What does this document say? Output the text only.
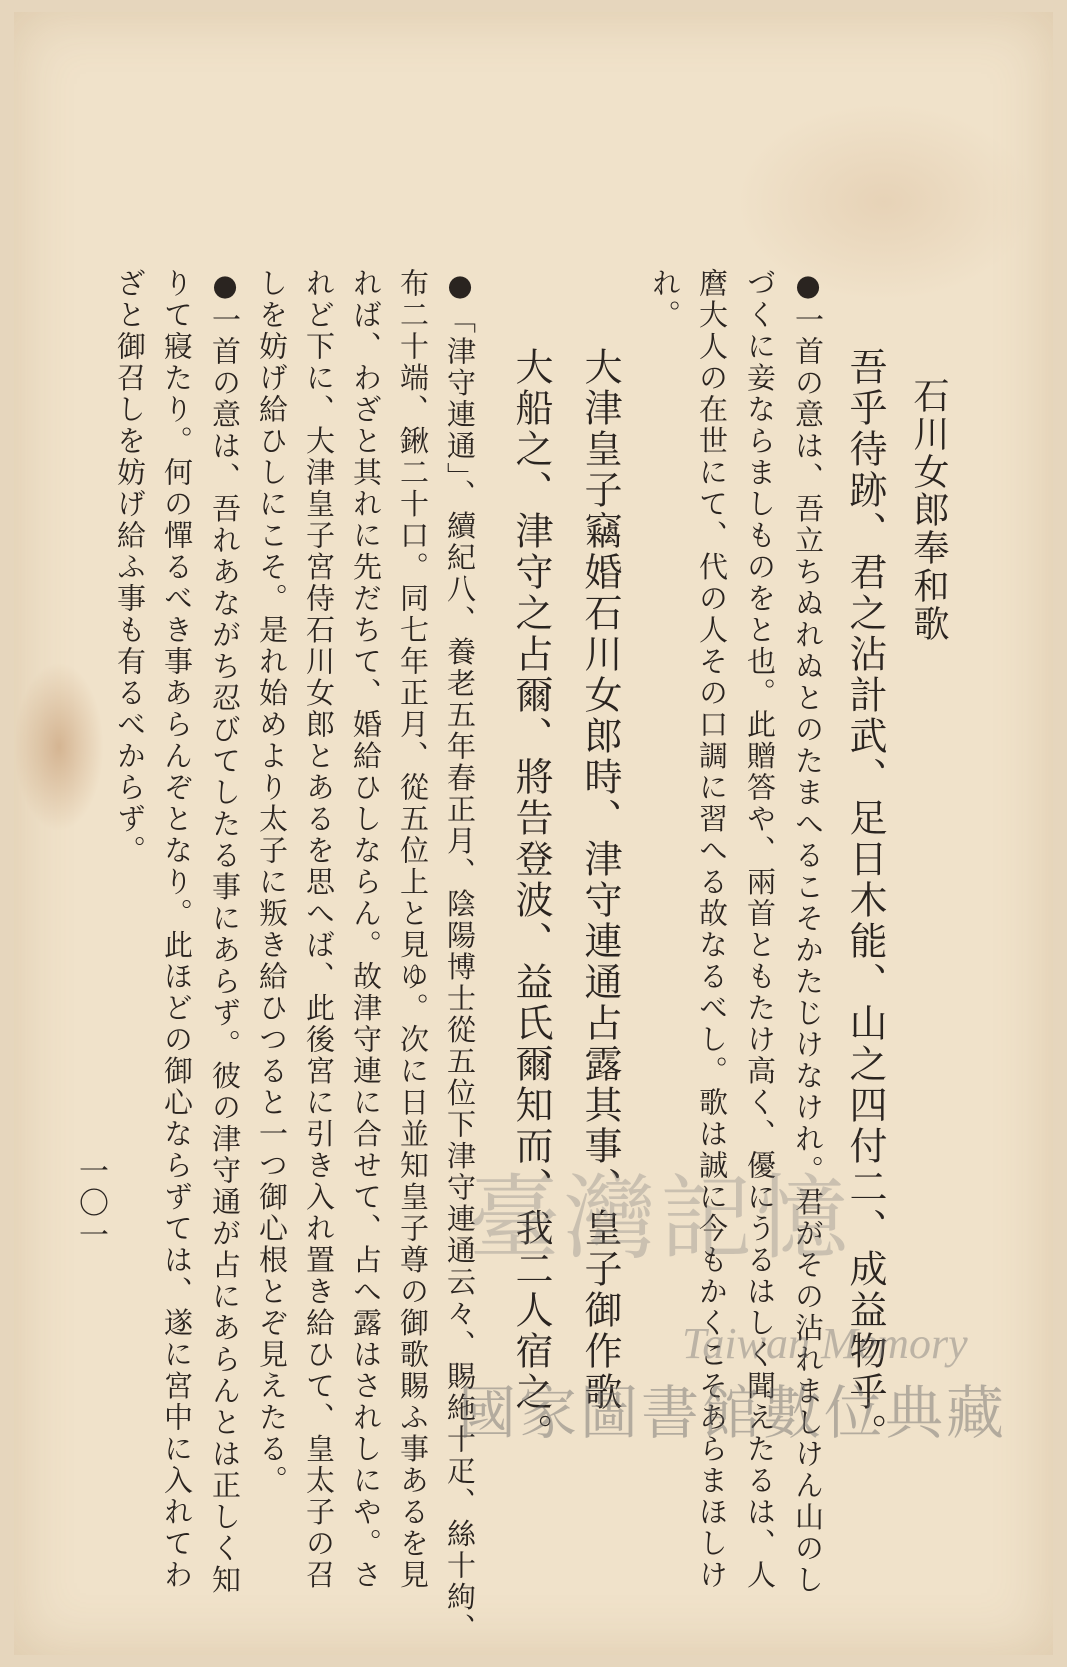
石川女郎奉和歌
吾乎待跡、君之沾計武、足日木能、山之四付二、成益物乎。
●一首の意は、吾立ちぬれぬとのたまへるこそかたじけなけれ。君がその沾れましけん山のし
づくに妾ならましものをと也。此贈答や、兩首ともたけ高く、優にうるはしく聞えたるは、人
麿大人の在世にて、代の人その口調に習へる故なるべし。歌は誠に今もかくこそあらまほしけ
れ。
大津皇子竊婚石川女郎時、津守連通占露其事、皇子御作歌
大船之、津守之占爾、將告登波、益氏爾知而、我二人宿之。
●「津守連通」、續紀八、養老五年春正月、陰陽博士從五位下津守連通云々、賜絁十疋、絲十絇、
布二十端、鍬二十口。同七年正月、從五位上と見ゆ。次に日並知皇子尊の御歌賜ふ事あるを見
れば、わざと其れに先だちて、婚給ひしならん。故津守連に合せて、占へ露はされしにや。さ
れど下に、大津皇子宮侍石川女郎とあるを思へば、此後宮に引き入れ置き給ひて、皇太子の召
しを妨げ給ひしにこそ。是れ始めより太子に叛き給ひつると一つ御心根とぞ見えたる。
●一首の意は、吾れあながち忍びてしたる事にあらず。彼の津守通が占にあらんとは正しく知
りて寢たり。何の憚るべき事あらんぞとなり。此ほどの御心ならずては、遂に宮中に入れてわ
ざと御召しを妨げ給ふ事も有るべからず。
一〇一	臺灣記憶
Taiwan Memory
國家圖書館數位典藏
